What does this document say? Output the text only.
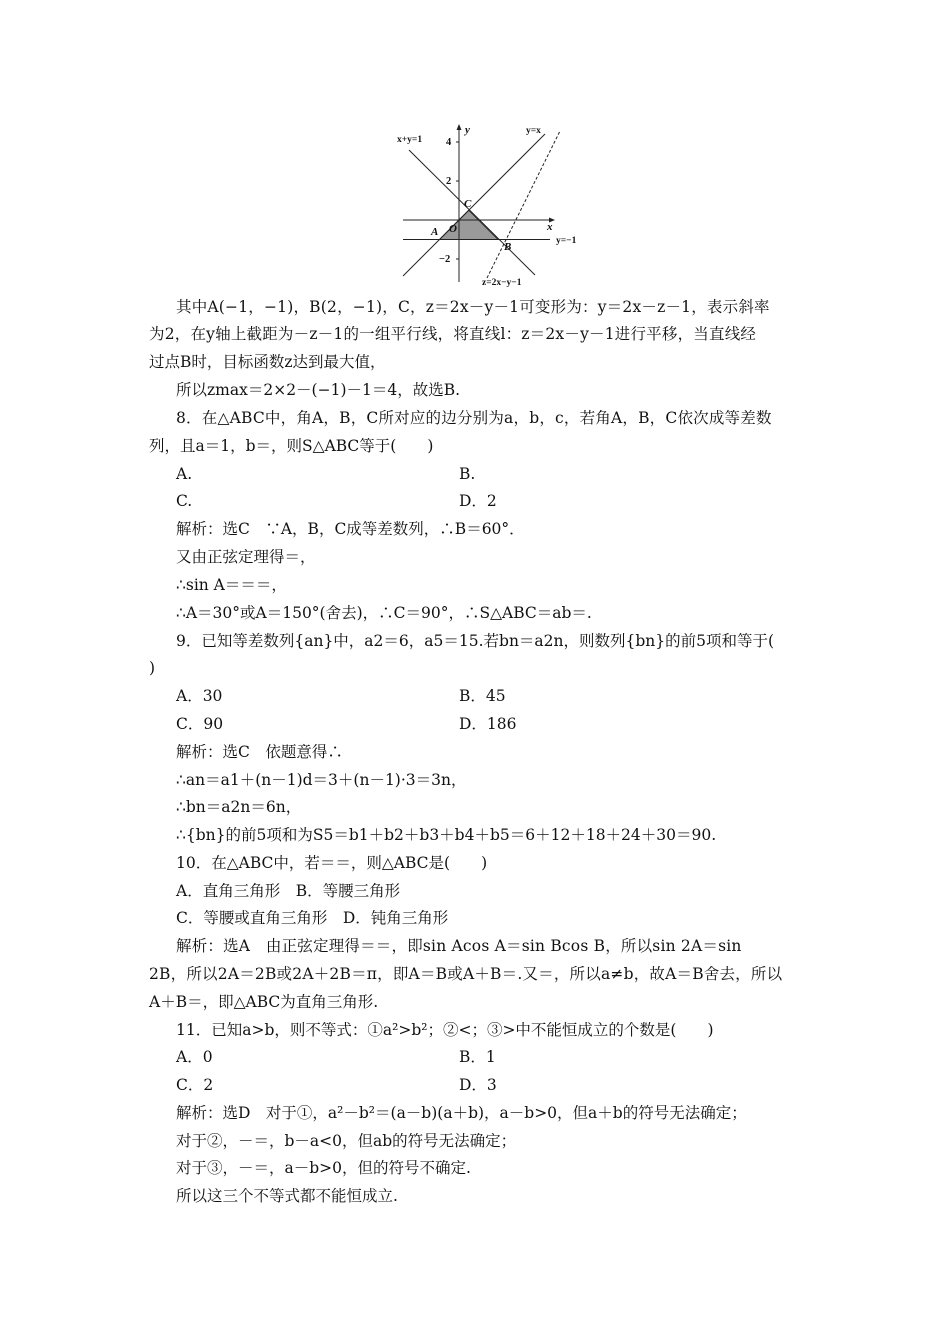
y
x
x+y=1
y=x
y=−1
z=2x−y−1
4
2
−2
C
A O
B
其中A(−1，−1)，B(2，−1)，C，z＝2x－y－1可变形为：y＝2x－z－1，表示斜率
为2，在y轴上截距为－z－1的一组平行线，将直线l：z＝2x－y－1进行平移，当直线经
过点B时，目标函数z达到最大值，
所以zmax＝2×2－(−1)－1＝4，故选B.
8．在△ABC中，角A，B，C所对应的边分别为a，b，c，若角A，B，C依次成等差数
列，且a＝1，b＝，则S△ABC等于(　　)
A.	B.
C.	D．2
解析：选C　∵A，B，C成等差数列，∴B＝60°．
又由正弦定理得＝，
∴sin A＝＝＝，
∴A＝30°或A＝150°(舍去)，∴C＝90°，∴S△ABC＝ab＝.
9．已知等差数列{an}中，a2＝6，a5＝15.若bn＝a2n，则数列{bn}的前5项和等于(
)
A．30	B．45
C．90	D．186
解析：选C　依题意得∴
∴an＝a1＋(n－1)d＝3＋(n－1)·3＝3n，
∴bn＝a2n＝6n，
∴{bn}的前5项和为S5＝b1＋b2＋b3＋b4＋b5＝6＋12＋18＋24＋30＝90.
10．在△ABC中，若＝＝，则△ABC是(　　)
A．直角三角形　B．等腰三角形
C．等腰或直角三角形　D．钝角三角形
解析：选A　由正弦定理得＝＝，即sin Acos A＝sin Bcos B，所以sin 2A＝sin
2B，所以2A＝2B或2A＋2B＝π，即A＝B或A＋B＝.又＝，所以a≠b，故A＝B舍去，所以
A＋B＝，即△ABC为直角三角形.
11．已知a>b，则不等式：①a²>b²；②<；③>中不能恒成立的个数是(　　)
A．0	B．1
C．2	D．3
解析：选D　对于①，a²－b²＝(a－b)(a＋b)，a－b>0，但a＋b的符号无法确定；
对于②，－＝，b－a<0，但ab的符号无法确定；
对于③，－＝，a－b>0，但的符号不确定.
所以这三个不等式都不能恒成立.
